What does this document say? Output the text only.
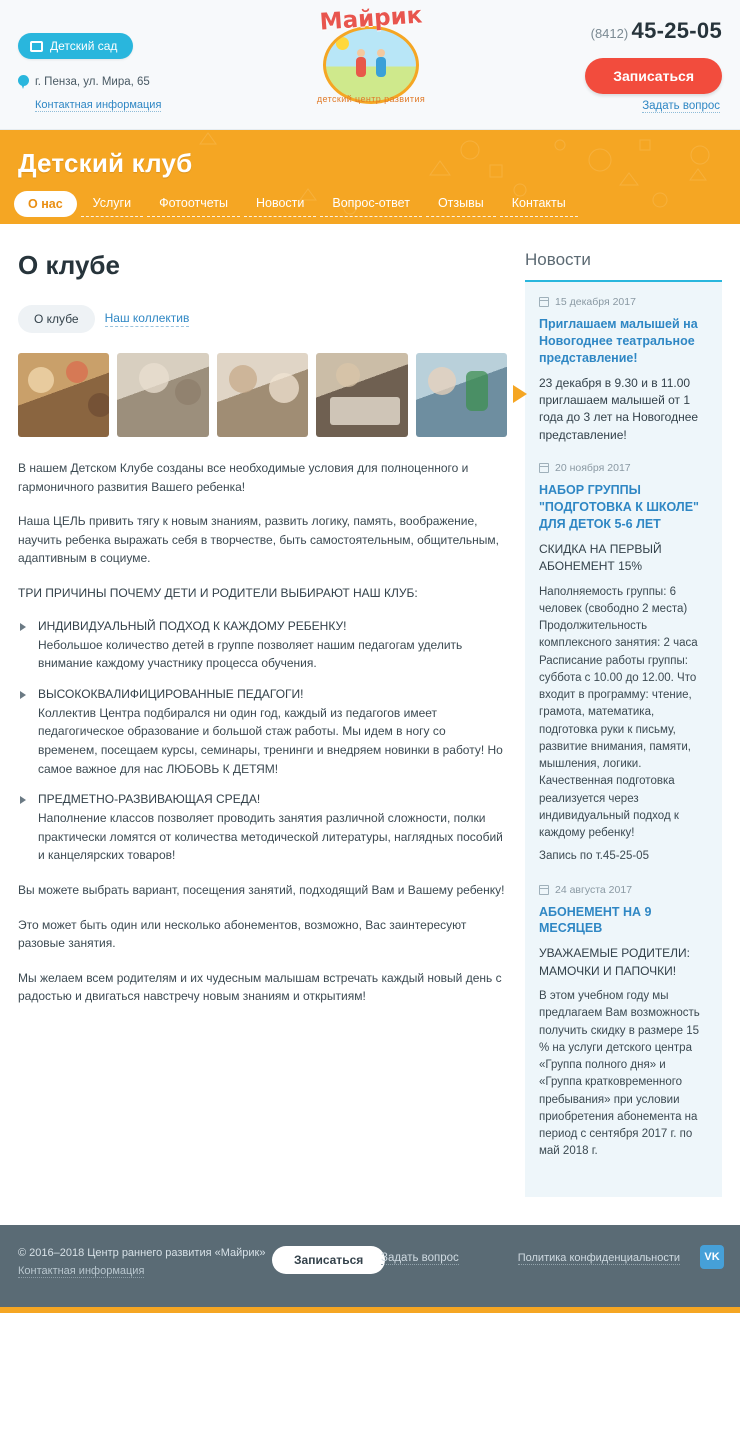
Детский сад
г. Пенза, ул. Мира, 65
Контактная информация
Майрик
детский центр развития
(8412) 45-25-05
Записаться
Задать вопрос
Детский клуб
О нас	Услуги	Фотоотчеты	Новости	Вопрос-ответ	Отзывы	Контакты
О клубе
О клубе	Наш коллектив

В нашем Детском Клубе созданы все необходимые условия для полноценного и гармоничного развития Вашего ребенка!

Наша ЦЕЛЬ привить тягу к новым знаниям, развить логику, память, воображение, научить ребенка выражать себя в творчестве, быть самостоятельным, общительным, адаптивным в социуме.

ТРИ ПРИЧИНЫ ПОЧЕМУ ДЕТИ И РОДИТЕЛИ ВЫБИРАЮТ НАШ КЛУБ:

ИНДИВИДУАЛЬНЫЙ ПОДХОД К КАЖДОМУ РЕБЕНКУ!
Небольшое количество детей в группе позволяет нашим педагогам уделить внимание каждому участнику процесса обучения.
ВЫСОКОКВАЛИФИЦИРОВАННЫЕ ПЕДАГОГИ!
Коллектив Центра подбирался ни один год, каждый из педагогов имеет педагогическое образование и большой стаж работы. Мы идем в ногу со временем, посещаем курсы, семинары, тренинги и внедряем новинки в работу! Но самое важное для нас ЛЮБОВЬ К ДЕТЯМ!
ПРЕДМЕТНО-РАЗВИВАЮЩАЯ СРЕДА!
Наполнение классов позволяет проводить занятия различной сложности, полки практически ломятся от количества методической литературы, наглядных пособий и канцелярских товаров!

Вы можете выбрать вариант, посещения занятий, подходящий Вам и Вашему ребенку!

Это может быть один или несколько абонементов, возможно, Вас заинтересуют разовые занятия.

Мы желаем всем родителям и их чудесным малышам встречать каждый новый день с радостью и двигаться навстречу новым знаниям и открытиям!

Новости
15 декабря 2017
Приглашаем малышей на Новогоднее театральное представление!
23 декабря в 9.30 и в 11.00 приглашаем малышей от 1 года до 3 лет на Новогоднее представление!
20 ноября 2017
НАБОР ГРУППЫ "ПОДГОТОВКА К ШКОЛЕ" ДЛЯ ДЕТОК 5-6 ЛЕТ
СКИДКА НА ПЕРВЫЙ АБОНЕМЕНТ 15%
Наполняемость группы: 6 человек (свободно 2 места) Продолжительность комплексного занятия: 2 часа Расписание работы группы: суббота с 10.00 до 12.00. Что входит в программу: чтение, грамота, математика, подготовка руки к письму, развитие внимания, памяти, мышления, логики. Качественная подготовка реализуется через индивидуальный подход к каждому ребенку!
Запись по т.45-25-05
24 августа 2017
АБОНЕМЕНТ НА 9 МЕСЯЦЕВ
УВАЖАЕМЫЕ РОДИТЕЛИ: МАМОЧКИ И ПАПОЧКИ!
В этом учебном году мы предлагаем Вам возможность получить скидку в размере 15 % на услуги детского центра «Группа полного дня» и «Группа кратковременного пребывания» при условии приобретения абонемента на период с сентября 2017 г. по май 2018 г.
© 2016–2018 Центр раннего развития «Майрик»
Контактная информация
Записаться	Задать вопрос	Политика конфиденциальности	VK
